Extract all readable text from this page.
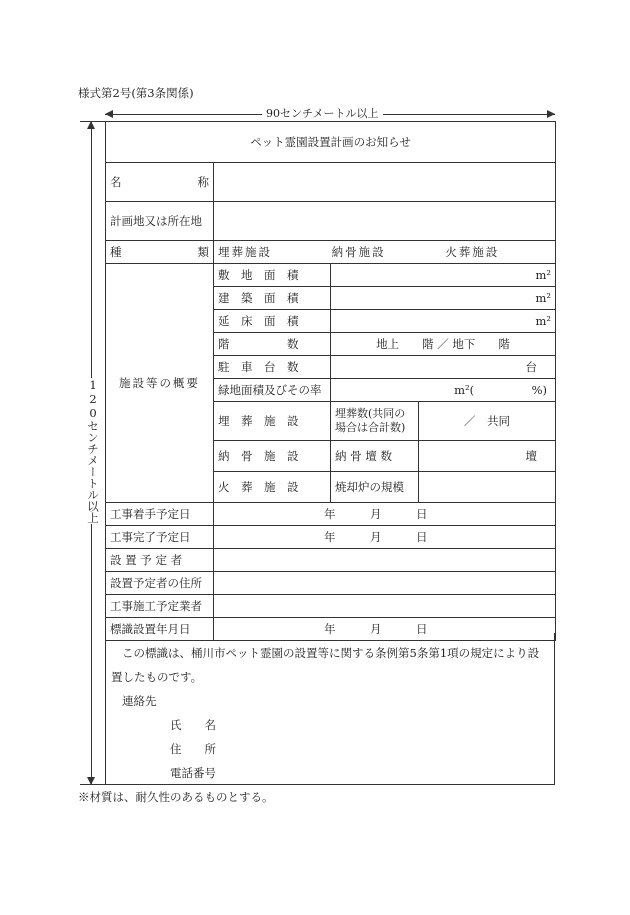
様式第2号(第3条関係)
90センチメートル以上
120センチメートル以上
ペット霊園設置計画のお知らせ			
名　　　称			
計画地又は所在地			
種　　　類	埋葬施設 納骨施設 火葬施設		
施設等の概要	敷　地　面　積	m²	
	建　築　面　積	m²	
	延　床　面　積	m²	
	階　　　　　数	地上　　階 ／ 地下　　階	
	駐　車　台　数	台	
	緑地面積及びその率	m²(　　　　　%)	
	埋　葬　施　設	埋葬数(共同の場合は合計数)	／　共同
	納　骨　施　設	納 骨 壇 数	壇
	火　葬　施　設	焼却炉の規模	
工事着手予定日	年　　　月　　　日		
工事完了予定日	年　　　月　　　日		
設 置 予 定 者			
設置予定者の住所			
工事施工予定業者			
標識設置年月日	年　　　月　　　日		
この標識は、桶川市ペット霊園の設置等に関する条例第5条第1項の規定により設
置したものです。
連絡先
氏　　名
住　　所
電話番号
※材質は、耐久性のあるものとする。
